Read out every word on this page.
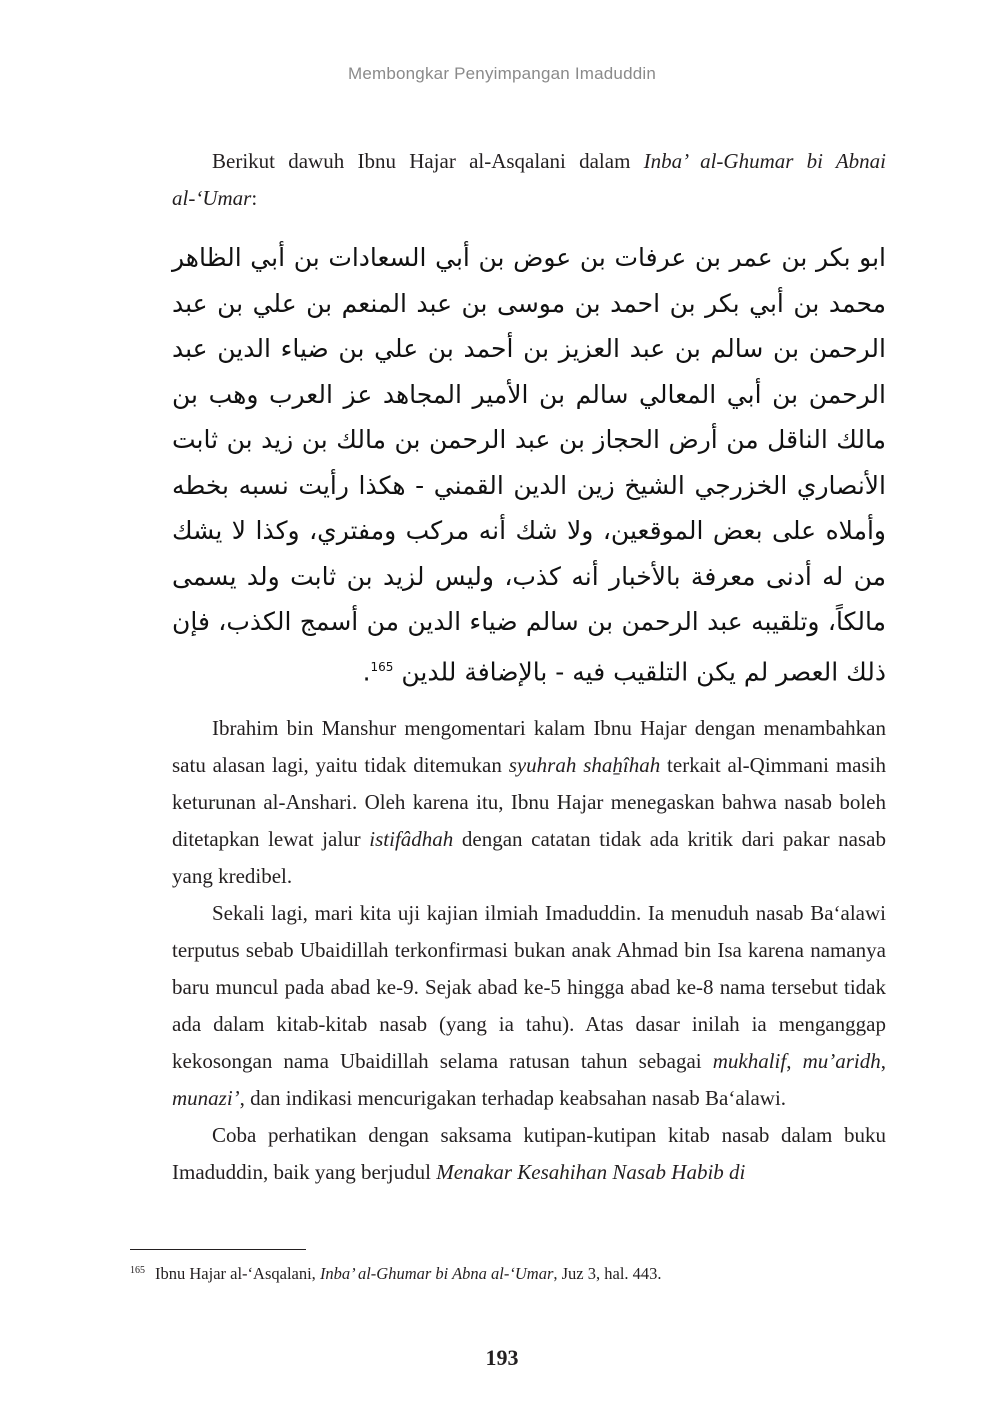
Membongkar Penyimpangan Imaduddin

Berikut dawuh Ibnu Hajar al-Asqalani dalam Inba’ al-Ghumar bi Abnai al-‘Umar:

ابو بكر بن عمر بن عرفات بن عوض بن أبي السعادات بن أبي الظاهر محمد بن أبي بكر بن احمد بن موسى بن عبد المنعم بن علي بن عبد الرحمن بن سالم بن عبد العزيز بن أحمد بن علي بن ضياء الدين عبد الرحمن بن أبي المعالي سالم بن الأمير المجاهد عز العرب وهب بن مالك الناقل من أرض الحجاز بن عبد الرحمن بن مالك بن زيد بن ثابت الأنصاري الخزرجي الشيخ زين الدين القمني - هكذا رأيت نسبه بخطه وأملاه على بعض الموقعين، ولا شك أنه مركب ومفتري، وكذا لا يشك من له أدنى معرفة بالأخبار أنه كذب، وليس لزيد بن ثابت ولد يسمى مالكاً، وتلقيبه عبد الرحمن بن سالم ضياء الدين من أسمج الكذب، فإن ذلك العصر لم يكن التلقيب فيه - بالإضافة للدين $^{165}$.

Ibrahim bin Manshur mengomentari kalam Ibnu Hajar dengan menambahkan satu alasan lagi, yaitu tidak ditemukan syuhrah shaẖîhah terkait al-Qimmani masih keturunan al-Anshari. Oleh karena itu, Ibnu Hajar menegaskan bahwa nasab boleh ditetapkan lewat jalur istifâdhah dengan catatan tidak ada kritik dari pakar nasab yang kredibel.

Sekali lagi, mari kita uji kajian ilmiah Imaduddin. Ia menuduh nasab Ba‘alawi terputus sebab Ubaidillah terkonfirmasi bukan anak Ahmad bin Isa karena namanya baru muncul pada abad ke-9. Sejak abad ke-5 hingga abad ke-8 nama tersebut tidak ada dalam kitab-kitab nasab (yang ia tahu). Atas dasar inilah ia menganggap kekosongan nama Ubaidillah selama ratusan tahun sebagai mukhalif, mu’aridh, munazi’, dan indikasi mencurigakan terhadap keabsahan nasab Ba‘alawi.

Coba perhatikan dengan saksama kutipan-kutipan kitab nasab dalam buku Imaduddin, baik yang berjudul Menakar Kesahihan Nasab Habib di

$^{165}$ Ibnu Hajar al-‘Asqalani, Inba’ al-Ghumar bi Abna al-‘Umar, Juz 3, hal. 443.
193
